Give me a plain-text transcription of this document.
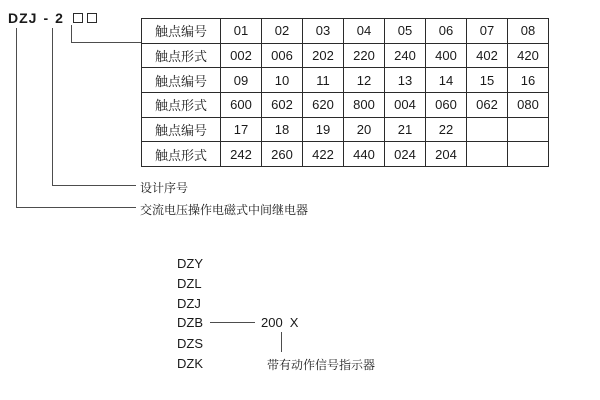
DZJ - 2
触点编号	01	02	03	04	05	06	07	08
触点形式	002	006	202	220	240	400	402	420
触点编号	09	10	11	12	13	14	15	16
触点形式	600	602	620	800	004	060	062	080
触点编号	17	18	19	20	21	22		
触点形式	242	260	422	440	024	204		
设计序号
交流电压操作电磁式中间继电器
DZY
DZL
DZJ
DZB	200 X
DZS
DZK	带有动作信号指示器
